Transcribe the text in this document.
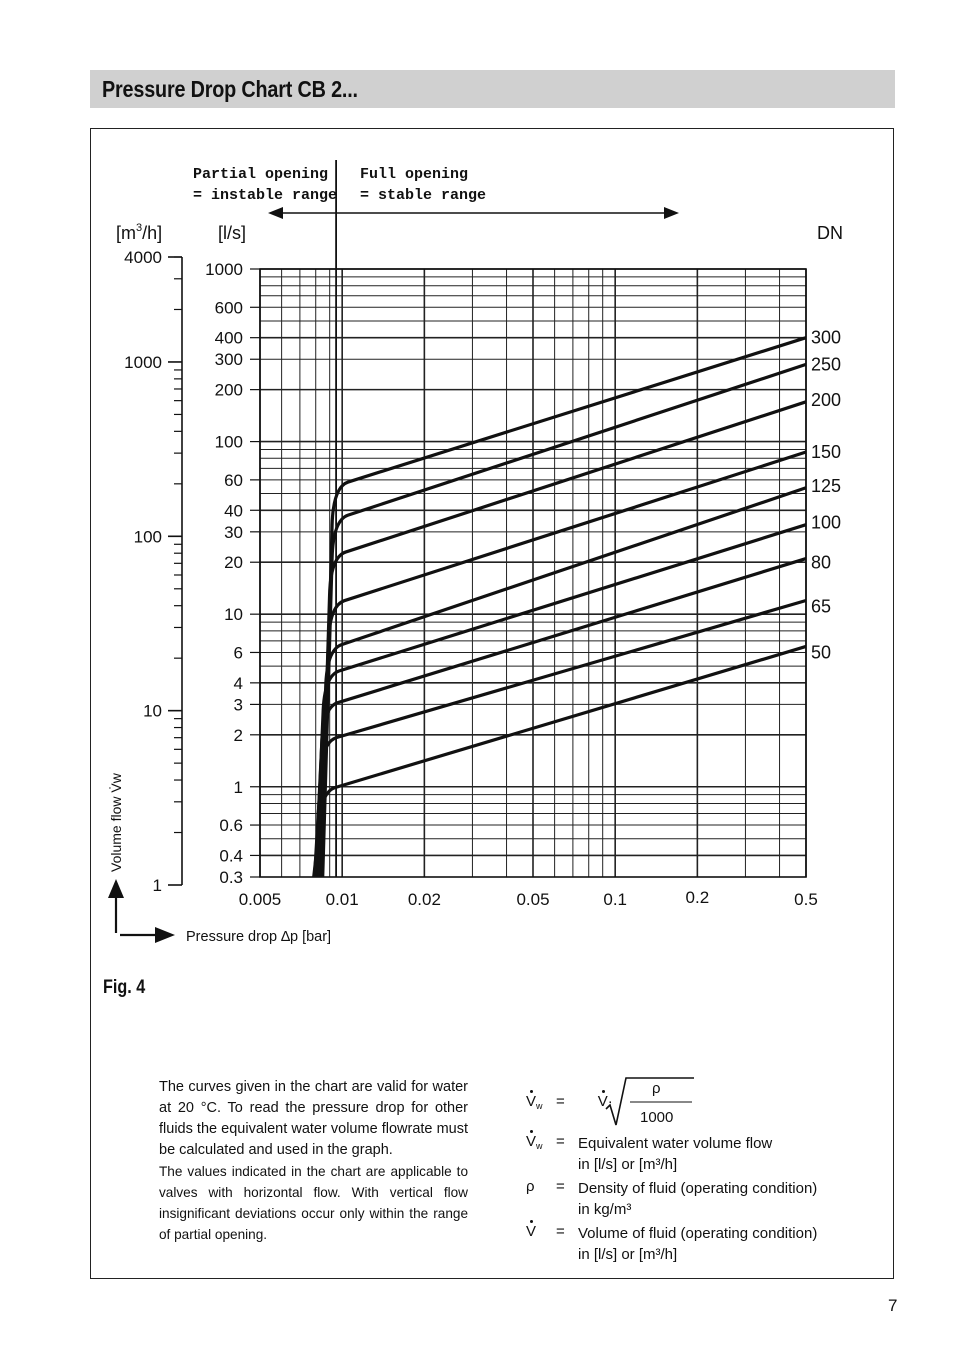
Pressure Drop Chart CB 2...
4000
1000
100
10
1
1000
600
400
300
200
100
60
40
30
20
10
6
4
3
2
1
0.6
0.4
0.3
0.005	0.01	0.02	0.05	0.1	0.2	0.5
$[m^3/h]$	[l/s]	DN
Partial opening
= instable range
Full opening
= stable range
300
250
200
150
125
100
80
65
50
Pressure drop ∆p [bar]
Volume flow V̇w
Fig. 4

The curves given in the chart are valid for water at 20 °C. To read the pressure drop for other fluids the equivalent water volume flowrate must be calculated and used in the graph.

The values indicated in the chart are applicable to valves with horizontal flow. With vertical flow insignificant deviations occur only within the range of partial opening.

$V_w = V\cdot$
ρ
1000
$V_w$ = Equivalent water volume flow
in [l/s] or [m³/h]
ρ = Density of fluid (operating condition)
in kg/m³
V = Volume of fluid (operating condition)
in [l/s] or [m³/h]
7
